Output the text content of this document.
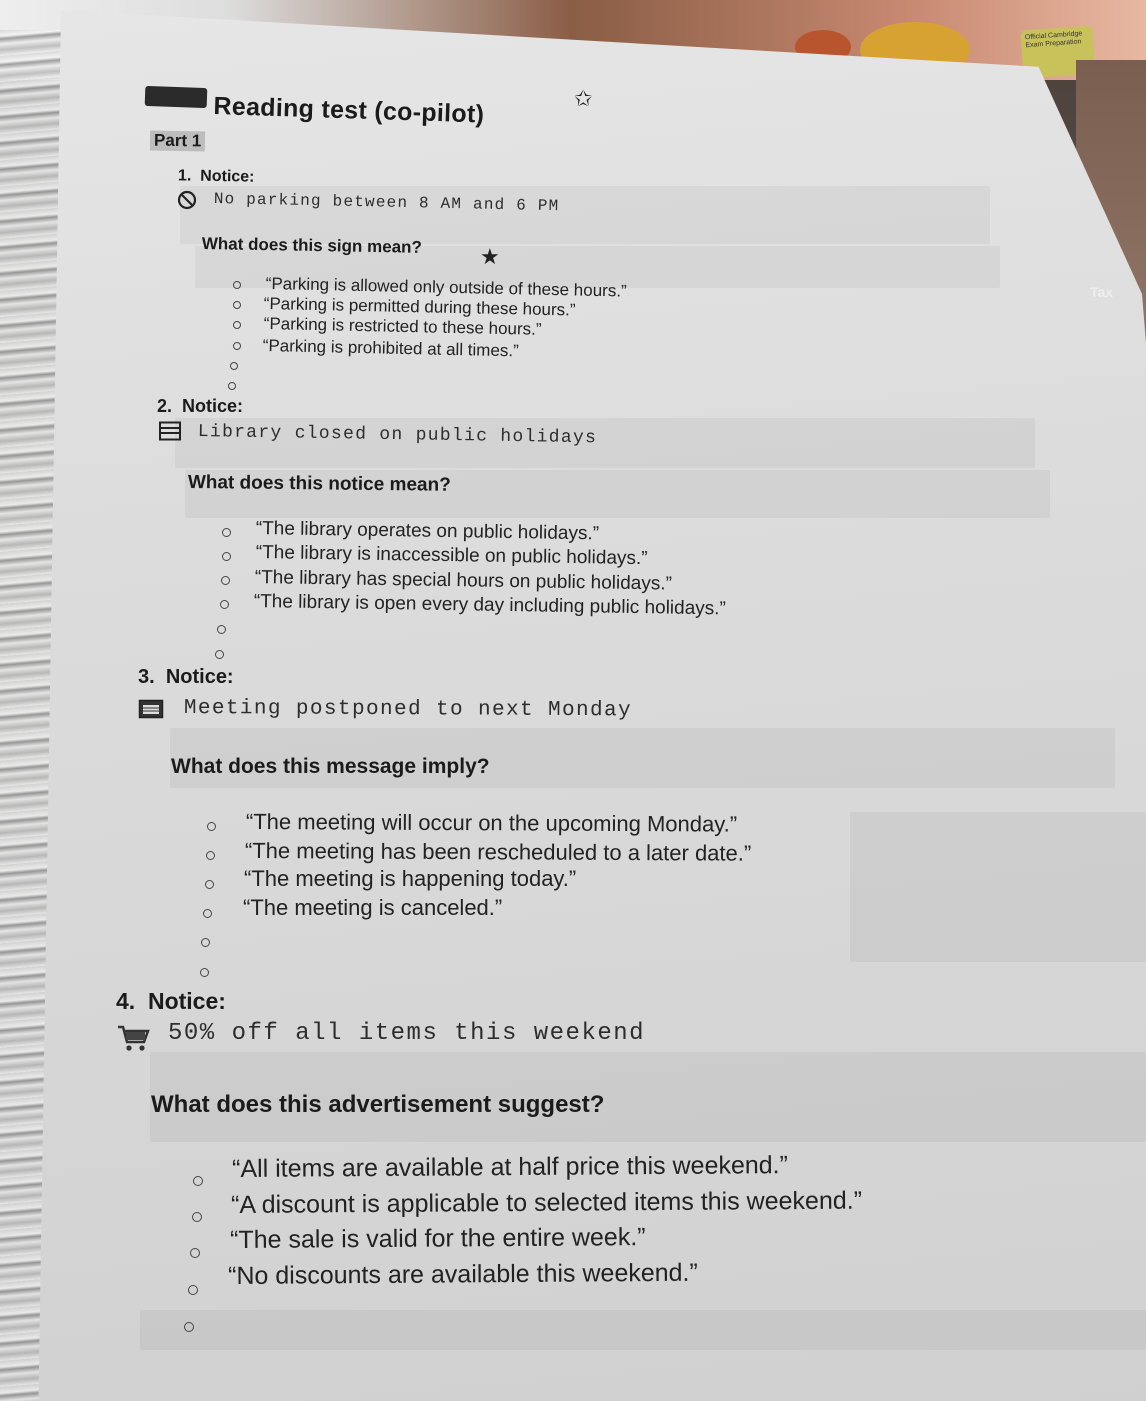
Official Cambridge Exam Preparation
Reading test (co-pilot)	✩
Part 1
Tax
1. Notice:
No parking between 8 AM and 6 PM
What does this sign mean?	★
“Parking is allowed only outside of these hours.”
“Parking is permitted during these hours.”
“Parking is restricted to these hours.”
“Parking is prohibited at all times.”
2. Notice:
Library closed on public holidays
What does this notice mean?
“The library operates on public holidays.”
“The library is inaccessible on public holidays.”
“The library has special hours on public holidays.”
“The library is open every day including public holidays.”
3. Notice:
Meeting postponed to next Monday
What does this message imply?
“The meeting will occur on the upcoming Monday.”
“The meeting has been rescheduled to a later date.”
“The meeting is happening today.”
“The meeting is canceled.”
4. Notice:
50% off all items this weekend
What does this advertisement suggest?
“All items are available at half price this weekend.”
“A discount is applicable to selected items this weekend.”
“The sale is valid for the entire week.”
“No discounts are available this weekend.”
